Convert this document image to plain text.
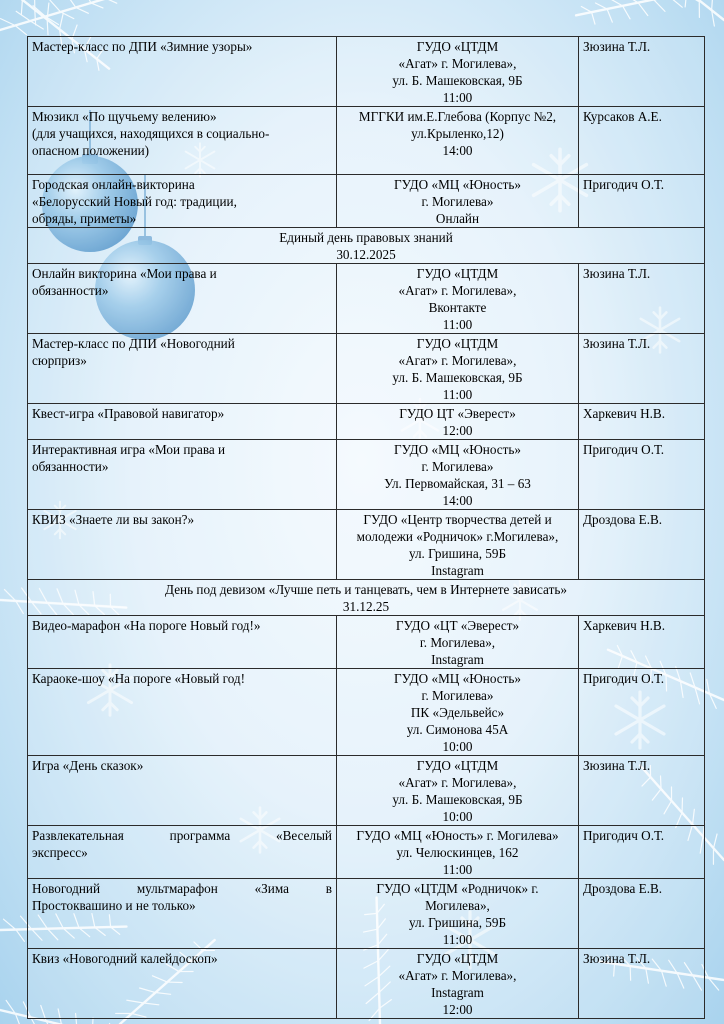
Мастер-класс по ДПИ «Зимние узоры»	ГУДО «ЦТДМ
«Агат» г. Могилева»,
ул. Б. Машековская, 9Б
11:00	Зюзина Т.Л.

Мюзикл «По щучьему велению»
(для учащихся, находящихся в социально-
опасном положении)	МГГКИ им.Е.Глебова (Корпус №2,
ул.Крыленко,12)
14:00	Курсаков А.Е.

Городская онлайн-викторина
«Белорусский Новый год: традиции,
обряды, приметы»	ГУДО «МЦ «Юность»
г. Могилева»
Онлайн	Пригодич О.Т.

Единый день правовых знаний
30.12.2025		

Онлайн викторина «Мои права и
обязанности»	ГУДО «ЦТДМ
«Агат» г. Могилева»,
Вконтакте
11:00	Зюзина Т.Л.

Мастер-класс по ДПИ «Новогодний
сюрприз»	ГУДО «ЦТДМ
«Агат» г. Могилева»,
ул. Б. Машековская, 9Б
11:00	Зюзина Т.Л.

Квест-игра «Правовой навигатор»	ГУДО ЦТ «Эверест»
12:00	Харкевич Н.В.

Интерактивная игра «Мои права и
обязанности»	ГУДО «МЦ «Юность»
г. Могилева»
Ул. Первомайская, 31 – 63
14:00	Пригодич О.Т.

КВИЗ «Знаете ли вы закон?»	ГУДО «Центр творчества детей и
молодежи «Родничок» г.Могилева»,
ул. Гришина, 59Б
Instagram	Дроздова Е.В.

День под девизом «Лучше петь и танцевать, чем в Интернете зависать»
31.12.25		

Видео-марафон «На пороге Новый год!»	ГУДО «ЦТ «Эверест»
г. Могилева»,
Instagram	Харкевич Н.В.

Караоке-шоу «На пороге «Новый год!	ГУДО «МЦ «Юность»
г. Могилева»
ПК «Эдельвейс»
ул. Симонова 45А
10:00	Пригодич О.Т.

Игра «День сказок»	ГУДО «ЦТДМ
«Агат» г. Могилева»,
ул. Б. Машековская, 9Б
10:00	Зюзина Т.Л.

Развлекательная программа «Веселый
экспресс»	ГУДО «МЦ «Юность» г. Могилева»
ул. Челюскинцев, 162
11:00	Пригодич О.Т.

Новогодний мультмарафон «Зима в
Простоквашино и не только»	ГУДО «ЦТДМ «Родничок» г.
Могилева»,
ул. Гришина, 59Б
11:00	Дроздова Е.В.

Квиз «Новогодний калейдоскоп»	ГУДО «ЦТДМ
«Агат» г. Могилева»,
Instagram
12:00	Зюзина Т.Л.
